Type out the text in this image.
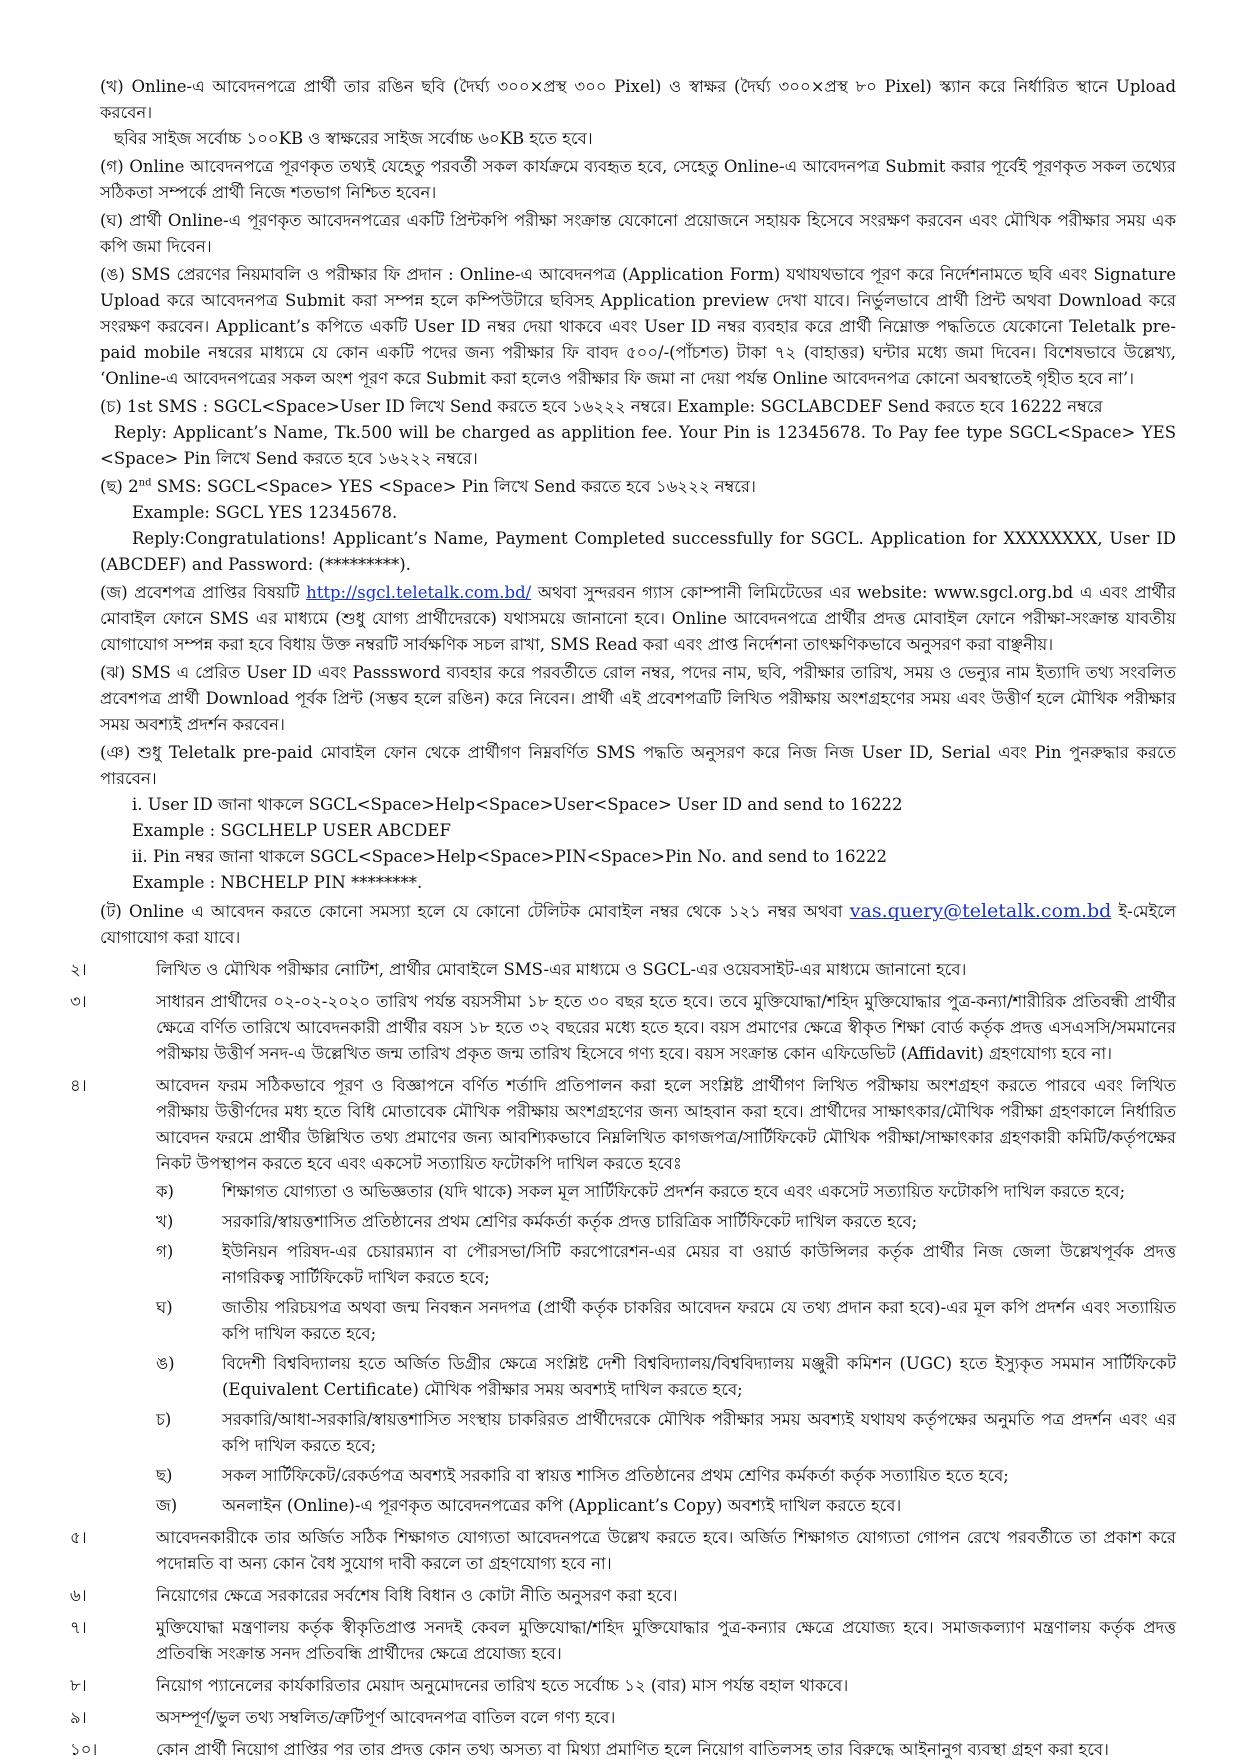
(খ) Online-এ আবেদনপত্রে প্রার্থী তার রঙিন ছবি (দৈর্ঘ্য ৩০০×প্রস্থ ৩০০ Pixel) ও স্বাক্ষর (দৈর্ঘ্য ৩০০×প্রস্থ ৮০ Pixel) স্ক্যান করে নির্ধারিত স্থানে Upload করবেন।
ছবির সাইজ সর্বোচ্চ ১০০KB ও স্বাক্ষরের সাইজ সর্বোচ্চ ৬০KB হতে হবে।

(গ) Online আবেদনপত্রে পূরণকৃত তথ্যই যেহেতু পরবর্তী সকল কার্যক্রমে ব্যবহৃত হবে, সেহেতু Online-এ আবেদনপত্র Submit করার পূর্বেই পূরণকৃত সকল তথ্যের সঠিকতা সম্পর্কে প্রার্থী নিজে শতভাগ নিশ্চিত হবেন।

(ঘ) প্রার্থী Online-এ পূরণকৃত আবেদনপত্রের একটি প্রিন্টকপি পরীক্ষা সংক্রান্ত যেকোনো প্রয়োজনে সহায়ক হিসেবে সংরক্ষণ করবেন এবং মৌখিক পরীক্ষার সময় এক কপি জমা দিবেন।

(ঙ) SMS প্রেরণের নিয়মাবলি ও পরীক্ষার ফি প্রদান : Online-এ আবেদনপত্র (Application Form) যথাযথভাবে পূরণ করে নির্দেশনামতে ছবি এবং Signature Upload করে আবেদনপত্র Submit করা সম্পন্ন হলে কম্পিউটারে ছবিসহ Application preview দেখা যাবে। নির্ভুলভাবে প্রার্থী প্রিন্ট অথবা Download করে সংরক্ষণ করবেন। Applicant’s কপিতে একটি User ID নম্বর দেয়া থাকবে এবং User ID নম্বর ব্যবহার করে প্রার্থী নিম্নোক্ত পদ্ধতিতে যেকোনো Teletalk pre-paid mobile নম্বরের মাধ্যমে যে কোন একটি পদের জন্য পরীক্ষার ফি বাবদ ৫০০/-(পাঁচশত) টাকা ৭২ (বাহাত্তর) ঘন্টার মধ্যে জমা দিবেন। বিশেষভাবে উল্লেখ্য, ‘Online-এ আবেদনপত্রের সকল অংশ পূরণ করে Submit করা হলেও পরীক্ষার ফি জমা না দেয়া পর্যন্ত Online আবেদনপত্র কোনো অবস্থাতেই গৃহীত হবে না’।

(চ) 1st SMS : SGCL<Space>User ID লিখে Send করতে হবে ১৬২২২ নম্বরে। Example: SGCLABCDEF Send করতে হবে 16222 নম্বরে
Reply: Applicant’s Name, Tk.500 will be charged as applition fee. Your Pin is 12345678. To Pay fee type SGCL<Space> YES <Space> Pin লিখে Send করতে হবে ১৬২২২ নম্বরে।

(ছ) 2nd SMS: SGCL<Space> YES <Space> Pin লিখে Send করতে হবে ১৬২২২ নম্বরে।
Example: SGCL YES 12345678.
Reply:Congratulations! Applicant’s Name, Payment Completed successfully for SGCL. Application for XXXXXXXX, User ID (ABCDEF) and Password: (*********).

(জ) প্রবেশপত্র প্রাপ্তির বিষয়টি http://sgcl.teletalk.com.bd/ অথবা সুন্দরবন গ্যাস কোম্পানী লিমিটেডের এর website: www.sgcl.org.bd এ এবং প্রার্থীর মোবাইল ফোনে SMS এর মাধ্যমে (শুধু যোগ্য প্রার্থীদেরকে) যথাসময়ে জানানো হবে। Online আবেদনপত্রে প্রার্থীর প্রদত্ত মোবাইল ফোনে পরীক্ষা-সংক্রান্ত যাবতীয় যোগাযোগ সম্পন্ন করা হবে বিধায় উক্ত নম্বরটি সার্বক্ষণিক সচল রাখা, SMS Read করা এবং প্রাপ্ত নির্দেশনা তাৎক্ষণিকভাবে অনুসরণ করা বাঞ্ছনীয়।

(ঝ) SMS এ প্রেরিত User ID এবং Passsword ব্যবহার করে পরবর্তীতে রোল নম্বর, পদের নাম, ছবি, পরীক্ষার তারিখ, সময় ও ভেন্যুর নাম ইত্যাদি তথ্য সংবলিত প্রবেশপত্র প্রার্থী Download পূর্বক প্রিন্ট (সম্ভব হলে রঙিন) করে নিবেন। প্রার্থী এই প্রবেশপত্রটি লিখিত পরীক্ষায় অংশগ্রহণের সময় এবং উত্তীর্ণ হলে মৌখিক পরীক্ষার সময় অবশ্যই প্রদর্শন করবেন।

(ঞ) শুধু Teletalk pre-paid মোবাইল ফোন থেকে প্রার্থীগণ নিম্নবর্ণিত SMS পদ্ধতি অনুসরণ করে নিজ নিজ User ID, Serial এবং Pin পুনরুদ্ধার করতে পারবেন।
i. User ID জানা থাকলে SGCL<Space>Help<Space>User<Space> User ID and send to 16222
Example : SGCLHELP USER ABCDEF
ii. Pin নম্বর জানা থাকলে SGCL<Space>Help<Space>PIN<Space>Pin No. and send to 16222
Example : NBCHELP PIN ********.

(ট) Online এ আবেদন করতে কোনো সমস্যা হলে যে কোনো টেলিটক মোবাইল নম্বর থেকে ১২১ নম্বর অথবা vas.query@teletalk.com.bd ই-মেইলে যোগাযোগ করা যাবে।

২।	লিখিত ও মৌখিক পরীক্ষার নোটিশ, প্রার্থীর মোবাইলে SMS-এর মাধ্যমে ও SGCL-এর ওয়েবসাইট-এর মাধ্যমে জানানো হবে।

৩।	সাধারন প্রার্থীদের ০২-০২-২০২০ তারিখ পর্যন্ত বয়সসীমা ১৮ হতে ৩০ বছর হতে হবে। তবে মুক্তিযোদ্ধা/শহিদ মুক্তিযোদ্ধার পুত্র-কন্যা/শারীরিক প্রতিবন্ধী প্রার্থীর ক্ষেত্রে বর্ণিত তারিখে আবেদনকারী প্রার্থীর বয়স ১৮ হতে ৩২ বছরের মধ্যে হতে হবে। বয়স প্রমাণের ক্ষেত্রে স্বীকৃত শিক্ষা বোর্ড কর্তৃক প্রদত্ত এসএসসি/সমমানের পরীক্ষায় উত্তীর্ণ সনদ-এ উল্লেখিত জন্ম তারিখ প্রকৃত জন্ম তারিখ হিসেবে গণ্য হবে। বয়স সংক্রান্ত কোন এফিডেভিট (Affidavit) গ্রহণযোগ্য হবে না।

৪।	আবেদন ফরম সঠিকভাবে পূরণ ও বিজ্ঞাপনে বর্ণিত শর্তাদি প্রতিপালন করা হলে সংশ্লিষ্ট প্রার্থীগণ লিখিত পরীক্ষায় অংশগ্রহণ করতে পারবে এবং লিখিত পরীক্ষায় উত্তীর্ণদের মধ্য হতে বিধি মোতাবেক মৌখিক পরীক্ষায় অংশগ্রহণের জন্য আহবান করা হবে। প্রার্থীদের সাক্ষাৎকার/মৌখিক পরীক্ষা গ্রহণকালে নির্ধারিত আবেদন ফরমে প্রার্থীর উল্লিখিত তথ্য প্রমাণের জন্য আবশ্যিকভাবে নিম্নলিখিত কাগজপত্র/সার্টিফিকেট মৌখিক পরীক্ষা/সাক্ষাৎকার গ্রহণকারী কমিটি/কর্তৃপক্ষের নিকট উপস্থাপন করতে হবে এবং একসেট সত্যায়িত ফটোকপি দাখিল করতে হবেঃ

ক)	শিক্ষাগত যোগ্যতা ও অভিজ্ঞতার (যদি থাকে) সকল মূল সার্টিফিকেট প্রদর্শন করতে হবে এবং একসেট সত্যায়িত ফটোকপি দাখিল করতে হবে;
খ)	সরকারি/স্বায়ত্তশাসিত প্রতিষ্ঠানের প্রথম শ্রেণির কর্মকর্তা কর্তৃক প্রদত্ত চারিত্রিক সার্টিফিকেট দাখিল করতে হবে;
গ)	ইউনিয়ন পরিষদ-এর চেয়ারম্যান বা পৌরসভা/সিটি করপোরেশন-এর মেয়র বা ওয়ার্ড কাউন্সিলর কর্তৃক প্রার্থীর নিজ জেলা উল্লেখপূর্বক প্রদত্ত নাগরিকত্ব সার্টিফিকেট দাখিল করতে হবে;
ঘ)	জাতীয় পরিচয়পত্র অথবা জন্ম নিবন্ধন সনদপত্র (প্রার্থী কর্তৃক চাকরির আবেদন ফরমে যে তথ্য প্রদান করা হবে)-এর মূল কপি প্রদর্শন এবং সত্যায়িত কপি দাখিল করতে হবে;
ঙ)	বিদেশী বিশ্ববিদ্যালয় হতে অর্জিত ডিগ্রীর ক্ষেত্রে সংশ্লিষ্ট দেশী বিশ্ববিদ্যালয়/বিশ্ববিদ্যালয় মঞ্জুরী কমিশন (UGC) হতে ইস্যুকৃত সমমান সার্টিফিকেট (Equivalent Certificate) মৌখিক পরীক্ষার সময় অবশ্যই দাখিল করতে হবে;
চ)	সরকারি/আধা-সরকারি/স্বায়ত্তশাসিত সংস্থায় চাকরিরত প্রার্থীদেরকে মৌখিক পরীক্ষার সময় অবশ্যই যথাযথ কর্তৃপক্ষের অনুমতি পত্র প্রদর্শন এবং এর কপি দাখিল করতে হবে;
ছ)	সকল সার্টিফিকেট/রেকর্ডপত্র অবশ্যই সরকারি বা স্বায়ত্ত শাসিত প্রতিষ্ঠানের প্রথম শ্রেণির কর্মকর্তা কর্তৃক সত্যায়িত হতে হবে;
জ)	অনলাইন (Online)-এ পূরণকৃত আবেদনপত্রের কপি (Applicant’s Copy) অবশ্যই দাখিল করতে হবে।

৫।	আবেদনকারীকে তার অর্জিত সঠিক শিক্ষাগত যোগ্যতা আবেদনপত্রে উল্লেখ করতে হবে। অর্জিত শিক্ষাগত যোগ্যতা গোপন রেখে পরবর্তীতে তা প্রকাশ করে পদোন্নতি বা অন্য কোন বৈধ সুযোগ দাবী করলে তা গ্রহণযোগ্য হবে না।

৬।	নিয়োগের ক্ষেত্রে সরকারের সর্বশেষ বিধি বিধান ও কোটা নীতি অনুসরণ করা হবে।

৭।	মুক্তিযোদ্ধা মন্ত্রণালয় কর্তৃক স্বীকৃতিপ্রাপ্ত সনদই কেবল মুক্তিযোদ্ধা/শহিদ মুক্তিযোদ্ধার পুত্র-কন্যার ক্ষেত্রে প্রযোজ্য হবে। সমাজকল্যাণ মন্ত্রণালয় কর্তৃক প্রদত্ত প্রতিবন্ধি সংক্রান্ত সনদ প্রতিবন্ধি প্রার্থীদের ক্ষেত্রে প্রযোজ্য হবে।

৮।	নিয়োগ প্যানেলের কার্যকারিতার মেয়াদ অনুমোদনের তারিখ হতে সর্বোচ্চ ১২ (বার) মাস পর্যন্ত বহাল থাকবে।

৯।	অসম্পূর্ণ/ভুল তথ্য সম্বলিত/ত্রুটিপূর্ণ আবেদনপত্র বাতিল বলে গণ্য হবে।

১০।	কোন প্রার্থী নিয়োগ প্রাপ্তির পর তার প্রদত্ত কোন তথ্য অসত্য বা মিথ্যা প্রমাণিত হলে নিয়োগ বাতিলসহ তার বিরুদ্ধে আইনানুগ ব্যবস্থা গ্রহণ করা হবে।
